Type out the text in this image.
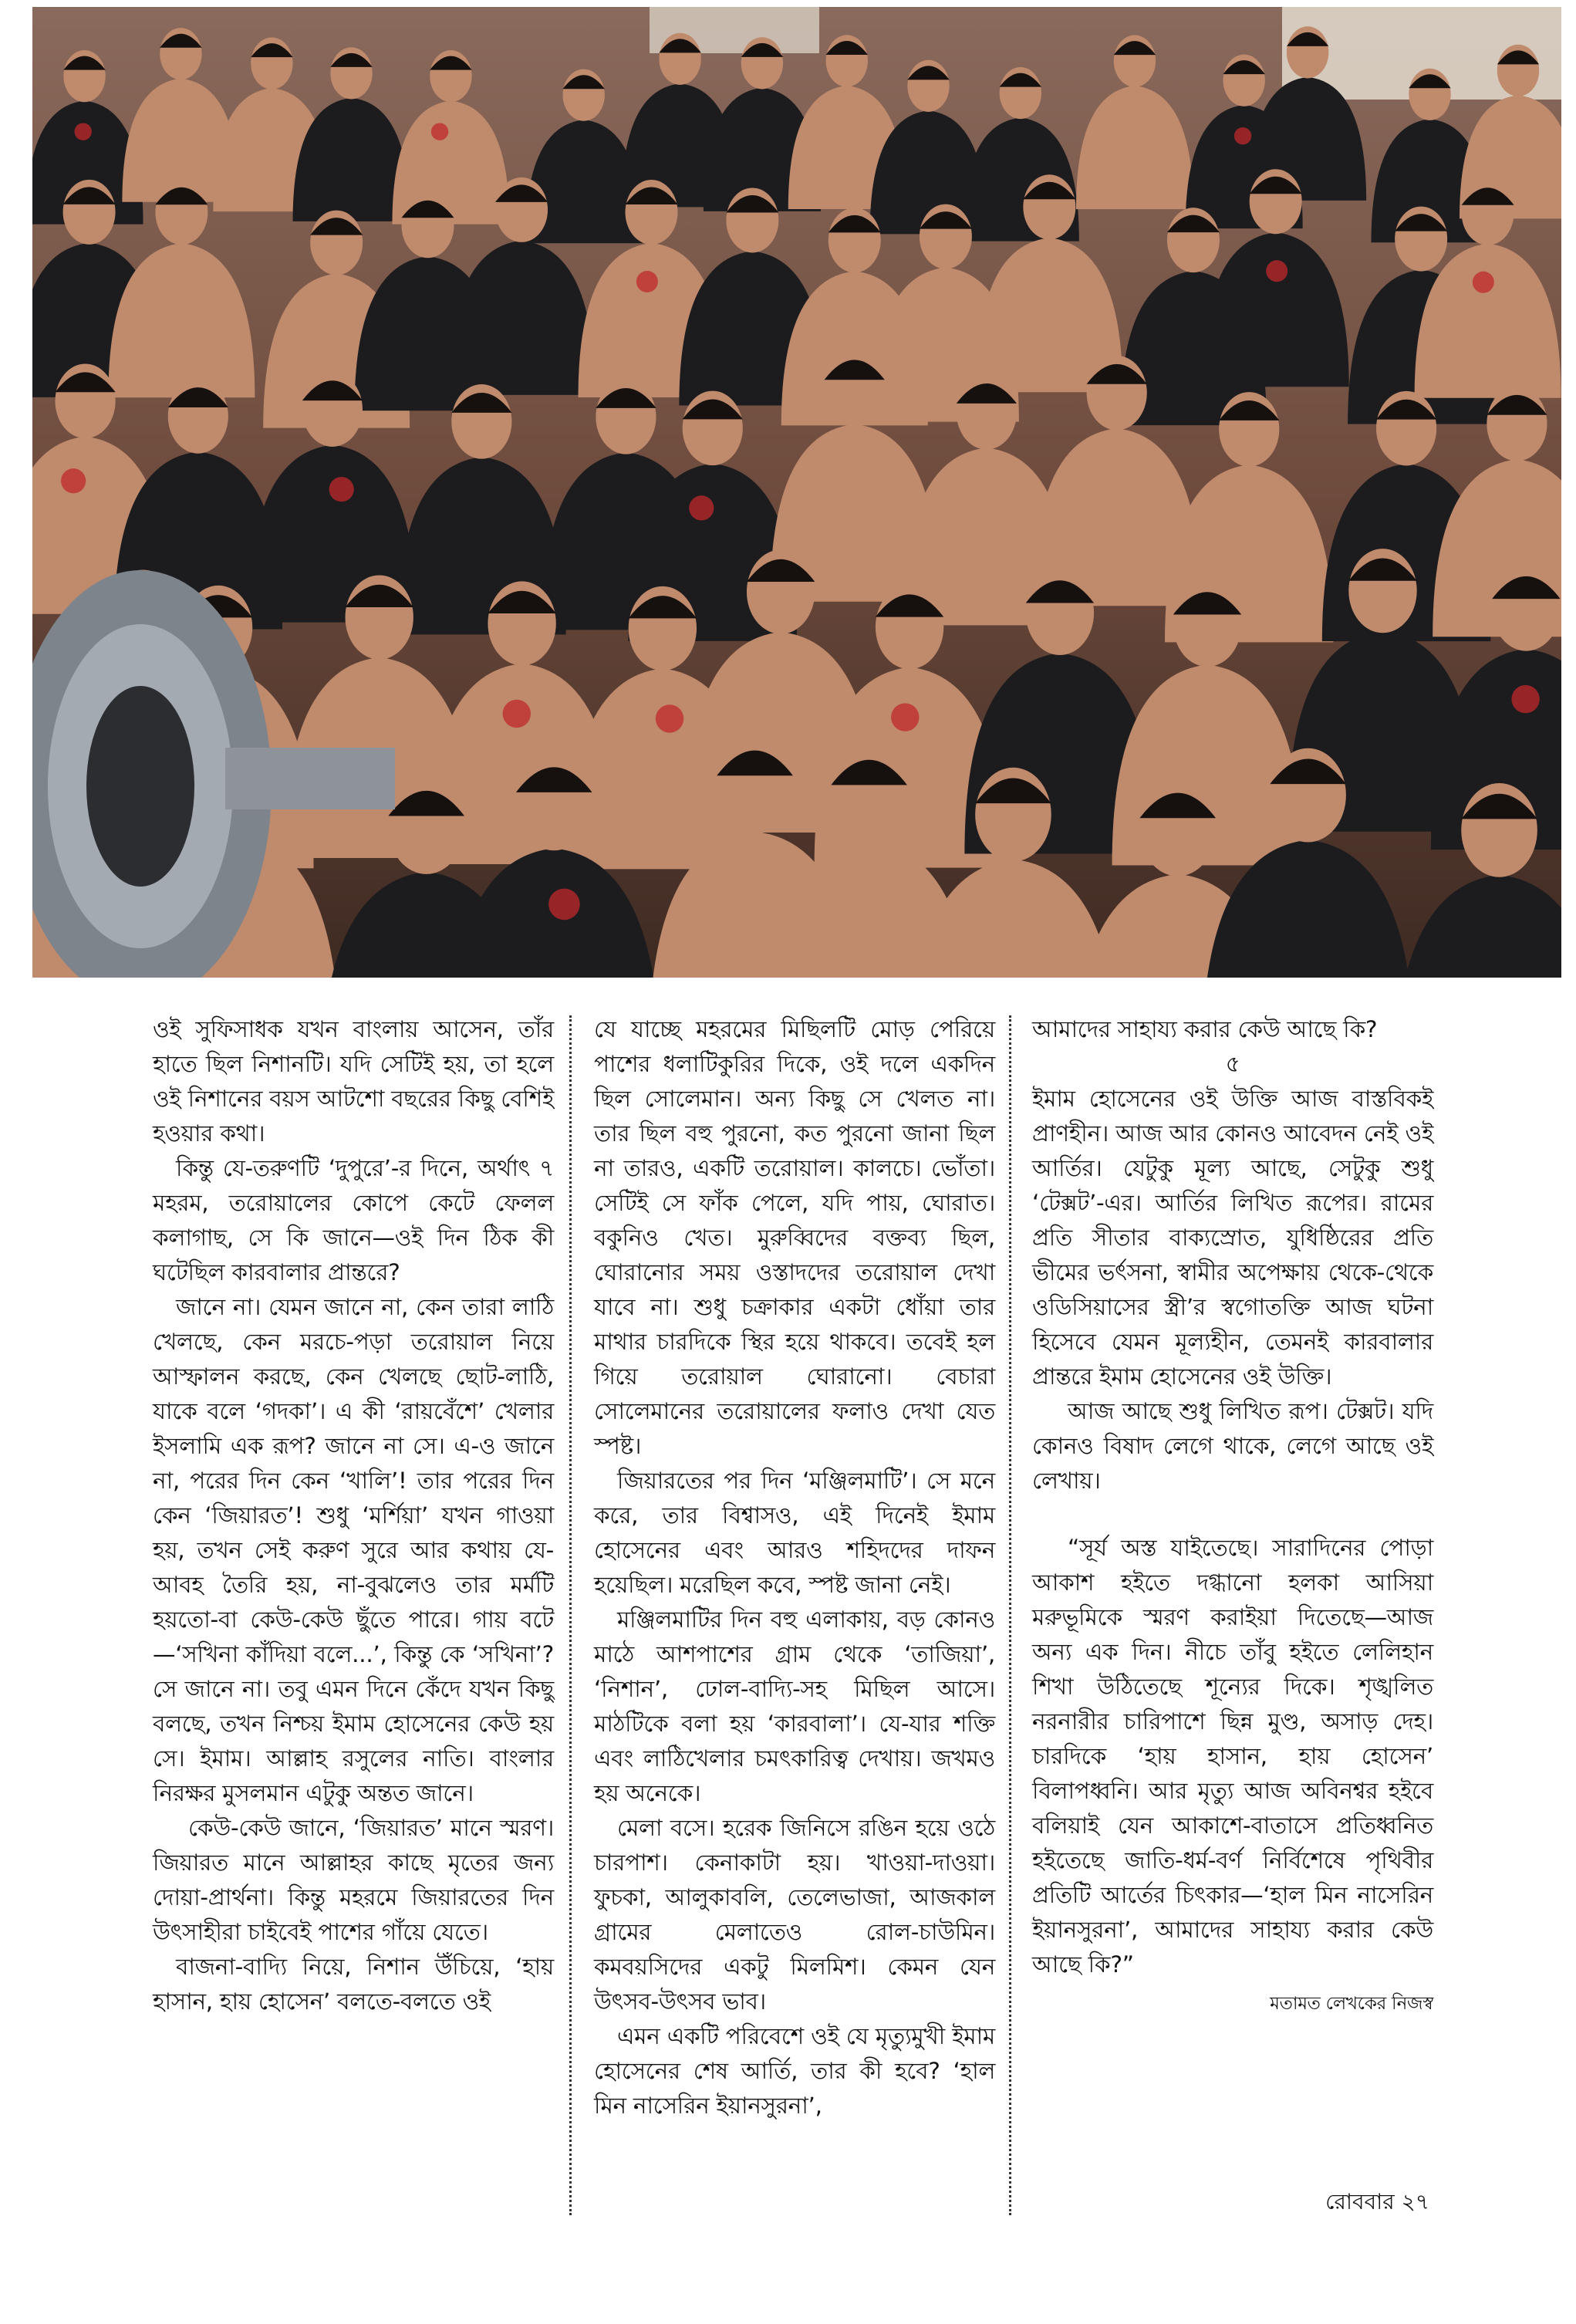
ওই সুফিসাধক যখন বাংলায় আসেন, তাঁর হাতে ছিল নিশানটি। যদি সেটিই হয়, তা হলে ওই নিশানের বয়স আটশো বছরের কিছু বেশিই হওয়ার কথা।

কিন্তু যে-তরুণটি ‘দুপুরে’-র দিনে, অর্থাৎ ৭ মহরম, তরোয়ালের কোপে কেটে ফেলল কলাগাছ, সে কি জানে—ওই দিন ঠিক কী ঘটেছিল কারবালার প্রান্তরে?

জানে না। যেমন জানে না, কেন তারা লাঠি খেলছে, কেন মরচে-পড়া তরোয়াল নিয়ে আস্ফালন করছে, কেন খেলছে ছোট-লাঠি, যাকে বলে ‘গদকা’। এ কী ‘রায়বেঁশে’ খেলার ইসলামি এক রূপ? জানে না সে। এ-ও জানে না, পরের দিন কেন ‘খালি’! তার পরের দিন কেন ‘জিয়ারত’! শুধু ‘মর্শিয়া’ যখন গাওয়া হয়, তখন সেই করুণ সুরে আর কথায় যে-আবহ তৈরি হয়, না-বুঝলেও তার মর্মটি হয়তো-বা কেউ-কেউ ছুঁতে পারে। গায় বটে—‘সখিনা কাঁদিয়া বলে...’, কিন্তু কে ‘সখিনা’? সে জানে না। তবু এমন দিনে কেঁদে যখন কিছু বলছে, তখন নিশ্চয় ইমাম হোসেনের কেউ হয় সে। ইমাম। আল্লাহ রসুলের নাতি। বাংলার নিরক্ষর মুসলমান এটুকু অন্তত জানে।

কেউ-কেউ জানে, ‘জিয়ারত’ মানে স্মরণ। জিয়ারত মানে আল্লাহর কাছে মৃতের জন্য দোয়া-প্রার্থনা। কিন্তু মহরমে জিয়ারতের দিন উৎসাহীরা চাইবেই পাশের গাঁয়ে যেতে।

বাজনা-বাদ্যি নিয়ে, নিশান উঁচিয়ে, ‘হায় হাসান, হায় হোসেন’ বলতে-বলতে ওই

যে যাচ্ছে মহরমের মিছিলটি মোড় পেরিয়ে পাশের ধলাটিকুরির দিকে, ওই দলে একদিন ছিল সোলেমান। অন্য কিছু সে খেলত না। তার ছিল বহু পুরনো, কত পুরনো জানা ছিল না তারও, একটি তরোয়াল। কালচে। ভোঁতা। সেটিই সে ফাঁক পেলে, যদি পায়, ঘোরাত। বকুনিও খেত। মুরুব্বিদের বক্তব্য ছিল, ঘোরানোর সময় ওস্তাদদের তরোয়াল দেখা যাবে না। শুধু চক্রাকার একটা ধোঁয়া তার মাথার চারদিকে স্থির হয়ে থাকবে। তবেই হল গিয়ে তরোয়াল ঘোরানো। বেচারা সোলেমানের তরোয়ালের ফলাও দেখা যেত স্পষ্ট।

জিয়ারতের পর দিন ‘মঞ্জিলমাটি’। সে মনে করে, তার বিশ্বাসও, এই দিনেই ইমাম হোসেনের এবং আরও শহিদদের দাফন হয়েছিল। মরেছিল কবে, স্পষ্ট জানা নেই।

মঞ্জিলমাটির দিন বহু এলাকায়, বড় কোনও মাঠে আশপাশের গ্রাম থেকে ‘তাজিয়া’, ‘নিশান’, ঢোল-বাদ্যি-সহ মিছিল আসে। মাঠটিকে বলা হয় ‘কারবালা’। যে-যার শক্তি এবং লাঠিখেলার চমৎকারিত্ব দেখায়। জখমও হয় অনেকে।

মেলা বসে। হরেক জিনিসে রঙিন হয়ে ওঠে চারপাশ। কেনাকাটা হয়। খাওয়া-দাওয়া। ফুচকা, আলুকাবলি, তেলেভাজা, আজকাল গ্রামের মেলাতেও রোল-চাউমিন। কমবয়সিদের একটু মিলমিশ। কেমন যেন উৎসব-উৎসব ভাব।

এমন একটি পরিবেশে ওই যে মৃত্যুমুখী ইমাম হোসেনের শেষ আর্তি, তার কী হবে? ‘হাল মিন নাসেরিন ইয়ানসুরনা’,

আমাদের সাহায্য করার কেউ আছে কি?

৫

ইমাম হোসেনের ওই উক্তি আজ বাস্তবিকই প্রাণহীন। আজ আর কোনও আবেদন নেই ওই আর্তির। যেটুকু মূল্য আছে, সেটুকু শুধু ‘টেক্সট’-এর। আর্তির লিখিত রূপের। রামের প্রতি সীতার বাক্যস্রোত, যুধিষ্ঠিরের প্রতি ভীমের ভর্ৎসনা, স্বামীর অপেক্ষায় থেকে-থেকে ওডিসিয়াসের স্ত্রী’র স্বগোতক্তি আজ ঘটনা হিসেবে যেমন মূল্যহীন, তেমনই কারবালার প্রান্তরে ইমাম হোসেনের ওই উক্তি।

আজ আছে শুধু লিখিত রূপ। টেক্সট। যদি কোনও বিষাদ লেগে থাকে, লেগে আছে ওই লেখায়।

“সূর্য অস্ত যাইতেছে। সারাদিনের পোড়া আকাশ হইতে দগ্ধানো হলকা আসিয়া মরুভূমিকে স্মরণ করাইয়া দিতেছে—আজ অন্য এক দিন। নীচে তাঁবু হইতে লেলিহান শিখা উঠিতেছে শূন্যের দিকে। শৃঙ্খলিত নরনারীর চারিপাশে ছিন্ন মুণ্ড, অসাড় দেহ। চারদিকে ‘হায় হাসান, হায় হোসেন’ বিলাপধ্বনি। আর মৃত্যু আজ অবিনশ্বর হইবে বলিয়াই যেন আকাশে-বাতাসে প্রতিধ্বনিত হইতেছে জাতি-ধর্ম-বর্ণ নির্বিশেষে পৃথিবীর প্রতিটি আর্তের চিৎকার—‘হাল মিন নাসেরিন ইয়ানসুরনা’, আমাদের সাহায্য করার কেউ আছে কি?”

মতামত লেখকের নিজস্ব

রোববার ২৭
